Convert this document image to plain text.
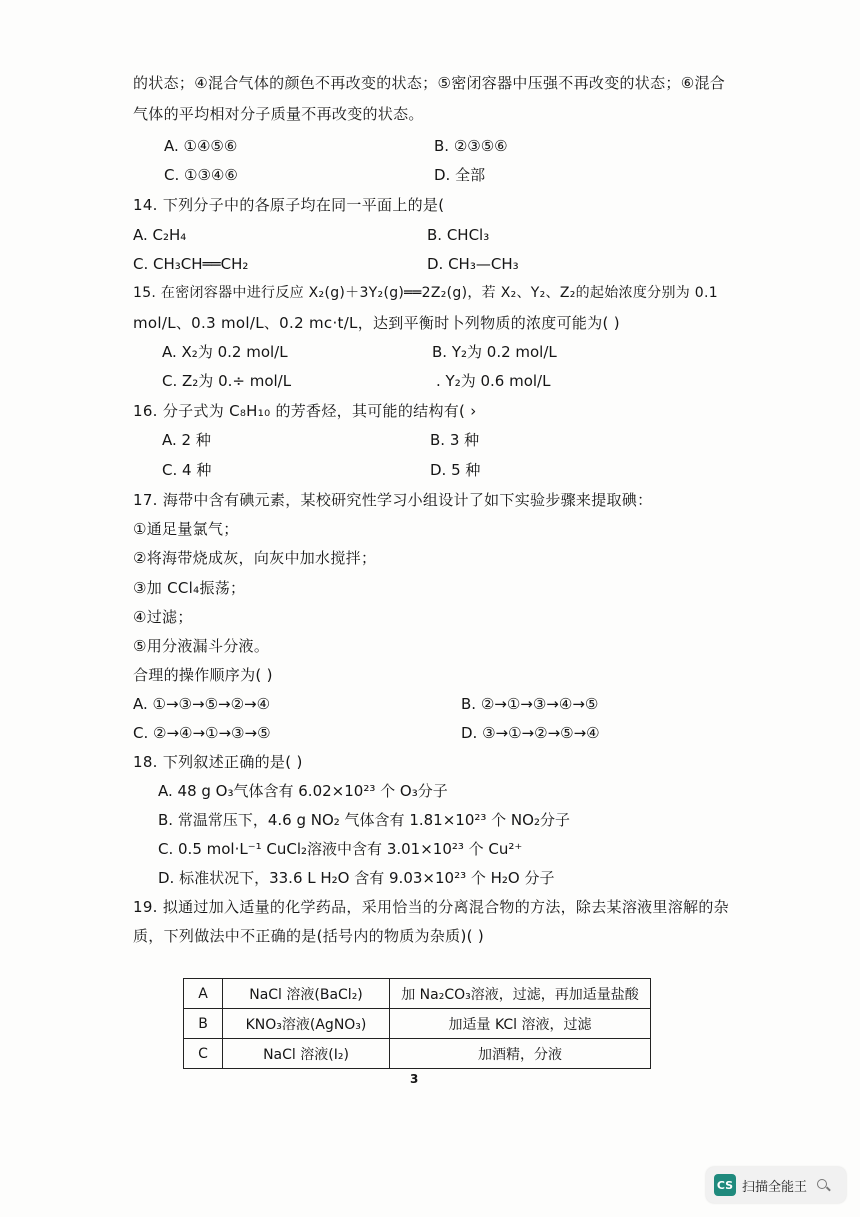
的状态；④混合气体的颜色不再改变的状态；⑤密闭容器中压强不再改变的状态；⑥混合
气体的平均相对分子质量不再改变的状态。
A. ①④⑤⑥	B. ②③⑤⑥
C. ①③④⑥	D. 全部
14. 下列分子中的各原子均在同一平面上的是(
A. C₂H₄	B. CHCl₃
C. CH₃CH══CH₂	D. CH₃—CH₃
15. 在密闭容器中进行反应 X₂(g)＋3Y₂(g)══2Z₂(g)，若 X₂、Y₂、Z₂的起始浓度分别为 0.1
mol/L、0.3 mol/L、0.2 mc·t/L，达到平衡时卜列物质的浓度可能为( )
A. X₂为 0.2 mol/L	B. Y₂为 0.2 mol/L
C. Z₂为 0.÷ mol/L	. Y₂为 0.6 mol/L
16. 分子式为 C₈H₁₀ 的芳香烃，其可能的结构有( ›
A. 2 种	B. 3 种
C. 4 种	D. 5 种
17. 海带中含有碘元素，某校研究性学习小组设计了如下实验步骤来提取碘：
①通足量氯气；
②将海带烧成灰，向灰中加水搅拌；
③加 CCl₄振荡；
④过滤；
⑤用分液漏斗分液。
合理的操作顺序为( )
A. ①→③→⑤→②→④	B. ②→①→③→④→⑤
C. ②→④→①→③→⑤	D. ③→①→②→⑤→④
18. 下列叙述正确的是( )
A. 48 g O₃气体含有 6.02×10²³ 个 O₃分子
B. 常温常压下，4.6 g NO₂ 气体含有 1.81×10²³ 个 NO₂分子
C. 0.5 mol·L⁻¹ CuCl₂溶液中含有 3.01×10²³ 个 Cu²⁺
D. 标准状况下，33.6 L H₂O 含有 9.03×10²³ 个 H₂O 分子
19. 拟通过加入适量的化学药品，采用恰当的分离混合物的方法，除去某溶液里溶解的杂
质，下列做法中不正确的是(括号内的物质为杂质)( )
A	NaCl 溶液(BaCl₂)	加 Na₂CO₃溶液，过滤，再加适量盐酸
B	KNO₃溶液(AgNO₃)	加适量 KCl 溶液，过滤
C	NaCl 溶液(I₂)	加酒精，分液
3
CS 扫描全能王
